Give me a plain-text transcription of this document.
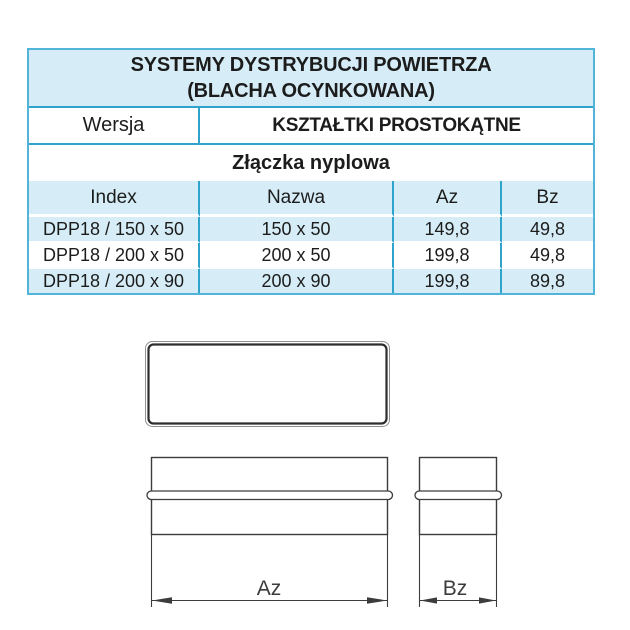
SYSTEMY DYSTRYBUCJI POWIETRZA
(BLACHA OCYNKOWANA)			

Wersja	KSZTAŁTKI PROSTOKĄTNE		
Złączka nyplowa			
Index	Nazwa	Az	Bz
DPP18 / 150 x 50	150 x 50	149,8	49,8
DPP18 / 200 x 50	200 x 50	199,8	49,8
DPP18 / 200 x 90	200 x 90	199,8	89,8
Az	Bz
